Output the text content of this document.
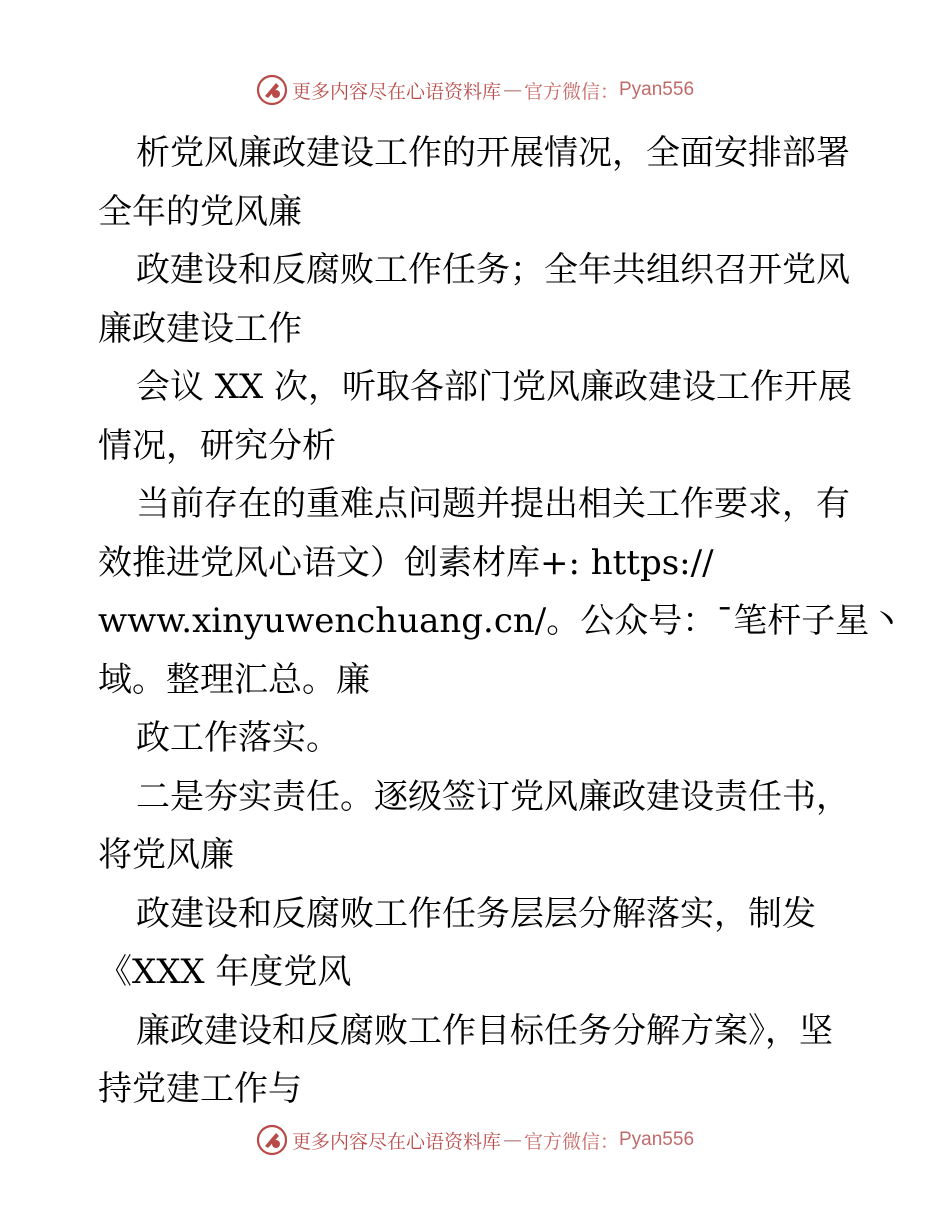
更多内容尽在心语资料库 — 官方微信： Pyan556
析党风廉政建设工作的开展情况，全面安排部署
全年的党风廉
政建设和反腐败工作任务；全年共组织召开党风
廉政建设工作
会议 XX 次，听取各部门党风廉政建设工作开展
情况，研究分析
当前存在的重难点问题并提出相关工作要求，有
效推进党风心语文）创素材库+: https://
www.xinyuwenchuang.cn/。公众号：¯笔杆子星丶
域。整理汇总。廉
政工作落实。
二是夯实责任。逐级签订党风廉政建设责任书，
将党风廉
政建设和反腐败工作任务层层分解落实，制发
《XXX 年度党风
廉政建设和反腐败工作目标任务分解方案》，坚
持党建工作与
更多内容尽在心语资料库 — 官方微信： Pyan556
